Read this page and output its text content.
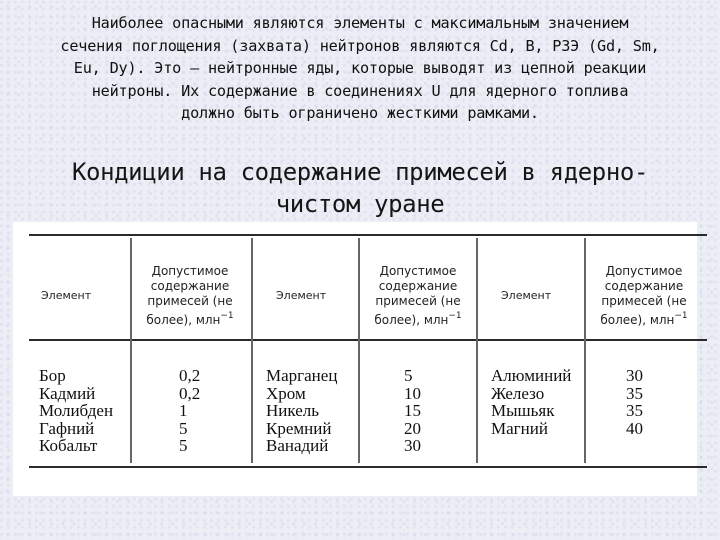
Наиболее опасными являются элементы с максимальным значением
сечения поглощения (захвата) нейтронов являются Cd, B, РЗЭ (Gd, Sm,
Eu, Dy). Это – нейтронные яды, которые выводят из цепной реакции
нейтроны. Их содержание в соединениях U для ядерного топлива
должно быть ограничено жесткими рамками.
Кондиции на содержание примесей в ядерно-
чистом уране
Элемент
Допустимое
содержание
примесей (не
более), млн$^{-1}$
Элемент
Допустимое
содержание
примесей (не
более), млн$^{-1}$
Элемент
Допустимое
содержание
примесей (не
более), млн$^{-1}$
Бор
Кадмий
Молибден
Гафний
Кобальт
0,2
0,2
1
5
5
Марганец
Хром
Никель
Кремний
Ванадий
5
10
15
20
30
Алюминий
Железо
Мышьяк
Магний
30
35
35
40
